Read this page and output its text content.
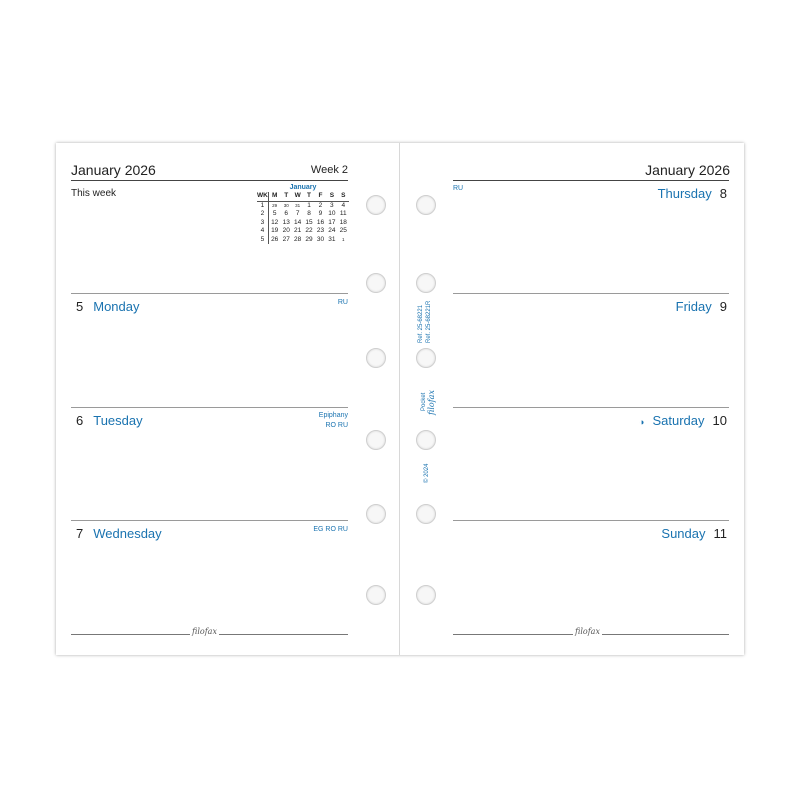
January 2026	Week 2
This week
January
WK	M	T	W	T	F	S	S
1	29	30	31	1	2	3	4
2	5	6	7	8	9	10	11
3	12	13	14	15	16	17	18
4	19	20	21	22	23	24	25
5	26	27	28	29	30	31	1
5 Monday	RU
6 Tuesday	Epiphany
RO RU
7 Wednesday	EG RO RU
filofax
January 2026
RU	Thursday 8
Friday 9
◑ Saturday 10
Sunday 11
filofax
Ref. 25-68221 Ref. 25-68221R
Pocket filofax
© 2024
